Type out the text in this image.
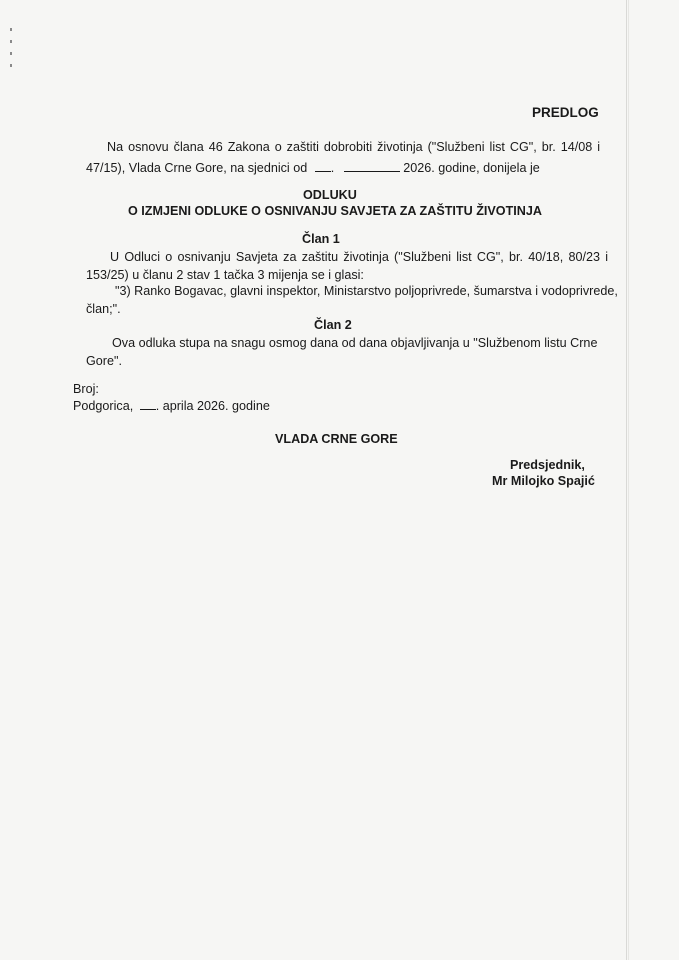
PREDLOG
Na osnovu člana 46 Zakona o zaštiti dobrobiti životinja ("Službeni list CG", br. 14/08 i
47/15), Vlada Crne Gore, na sjednici od .	2026. godine, donijela je
ODLUKU
O IZMJENI ODLUKE O OSNIVANJU SAVJETA ZA ZAŠTITU ŽIVOTINJA
Član 1
U Odluci o osnivanju Savjeta za zaštitu životinja ("Službeni list CG", br. 40/18, 80/23 i
153/25) u članu 2 stav 1 tačka 3 mijenja se i glasi:
"3) Ranko Bogavac, glavni inspektor, Ministarstvo poljoprivrede, šumarstva i vodoprivrede,
član;".
Član 2
Ova odluka stupa na snagu osmog dana od dana objavljivanja u "Službenom listu Crne
Gore".
Broj:
Podgorica, . aprila 2026. godine
VLADA CRNE GORE
Predsjednik,
Mr Milojko Spajić
